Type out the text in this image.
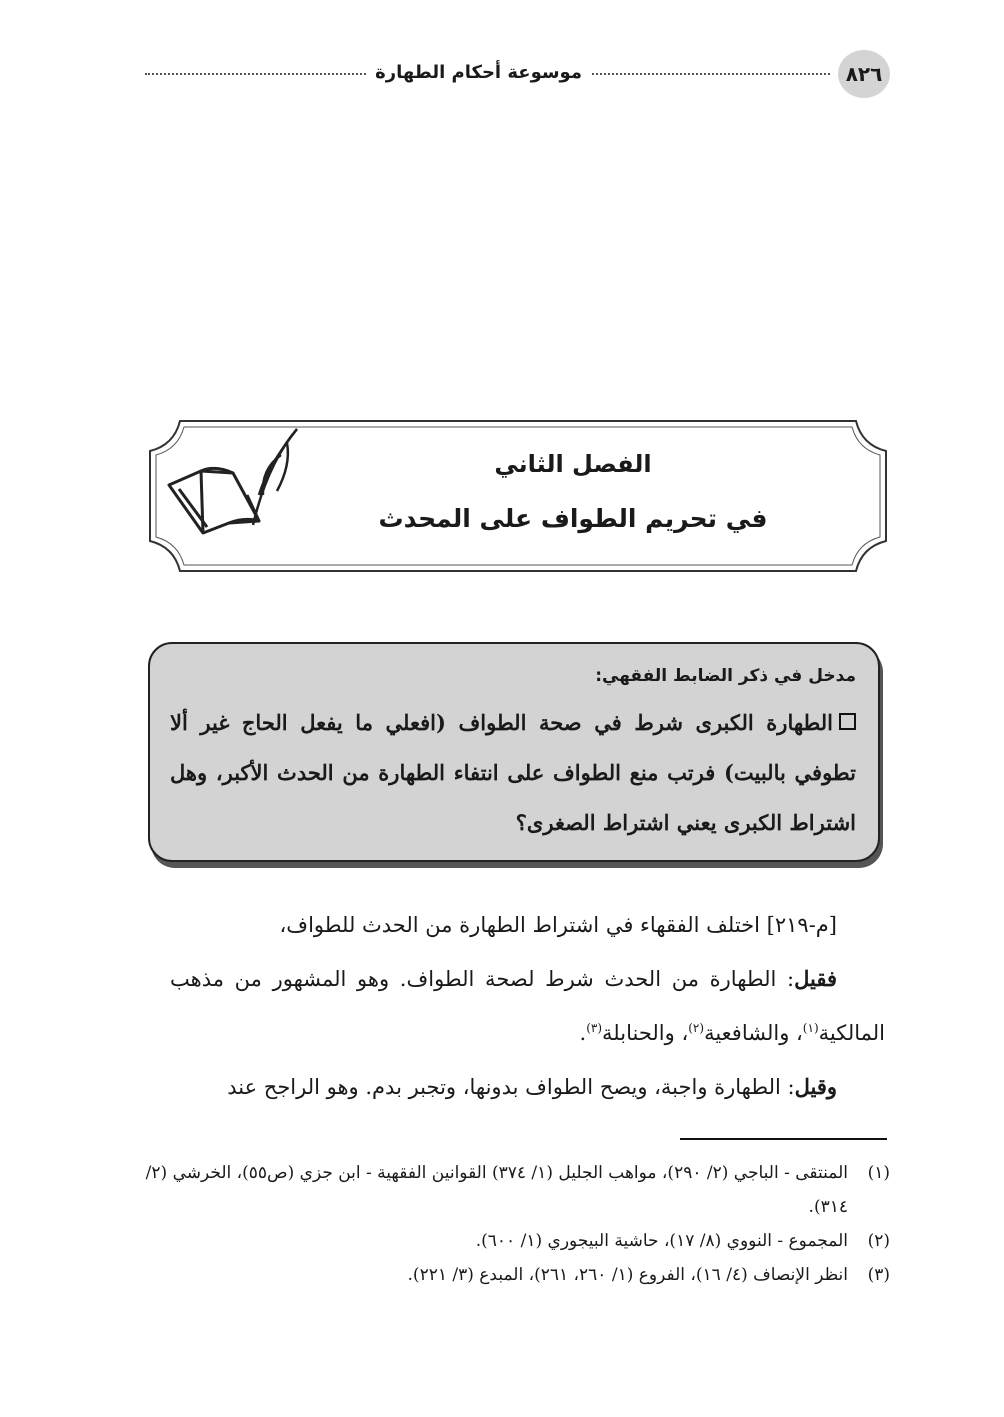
٨٢٦
موسوعة أحكام الطهارة
الفصل الثاني
في تحريم الطواف على المحدث
مدخل في ذكر الضابط الفقهي:
الطهارة الكبرى شرط في صحة الطواف (افعلي ما يفعل الحاج غير ألا تطوفي بالبيت) فرتب منع الطواف على انتفاء الطهارة من الحدث الأكبر، وهل اشتراط الكبرى يعني اشتراط الصغرى؟

[م-٢١٩] اختلف الفقهاء في اشتراط الطهارة من الحدث للطواف،

فقيل: الطهارة من الحدث شرط لصحة الطواف. وهو المشهور من مذهب المالكية$^{(١)}$، والشافعية$^{(٢)}$، والحنابلة$^{(٣)}$.

وقيل: الطهارة واجبة، ويصح الطواف بدونها، وتجبر بدم. وهو الراجح عند

(١)
المنتقى - الباجي (٢/ ٢٩٠)، مواهب الجليل (١/ ٣٧٤) القوانين الفقهية - ابن جزي (ص٥٥)، الخرشي (٢/ ٣١٤).
(٢)
المجموع - النووي (٨/ ١٧)، حاشية البيجوري (١/ ٦٠٠).
(٣)
انظر الإنصاف (٤/ ١٦)، الفروع (١/ ٢٦٠، ٢٦١)، المبدع (٣/ ٢٢١).
